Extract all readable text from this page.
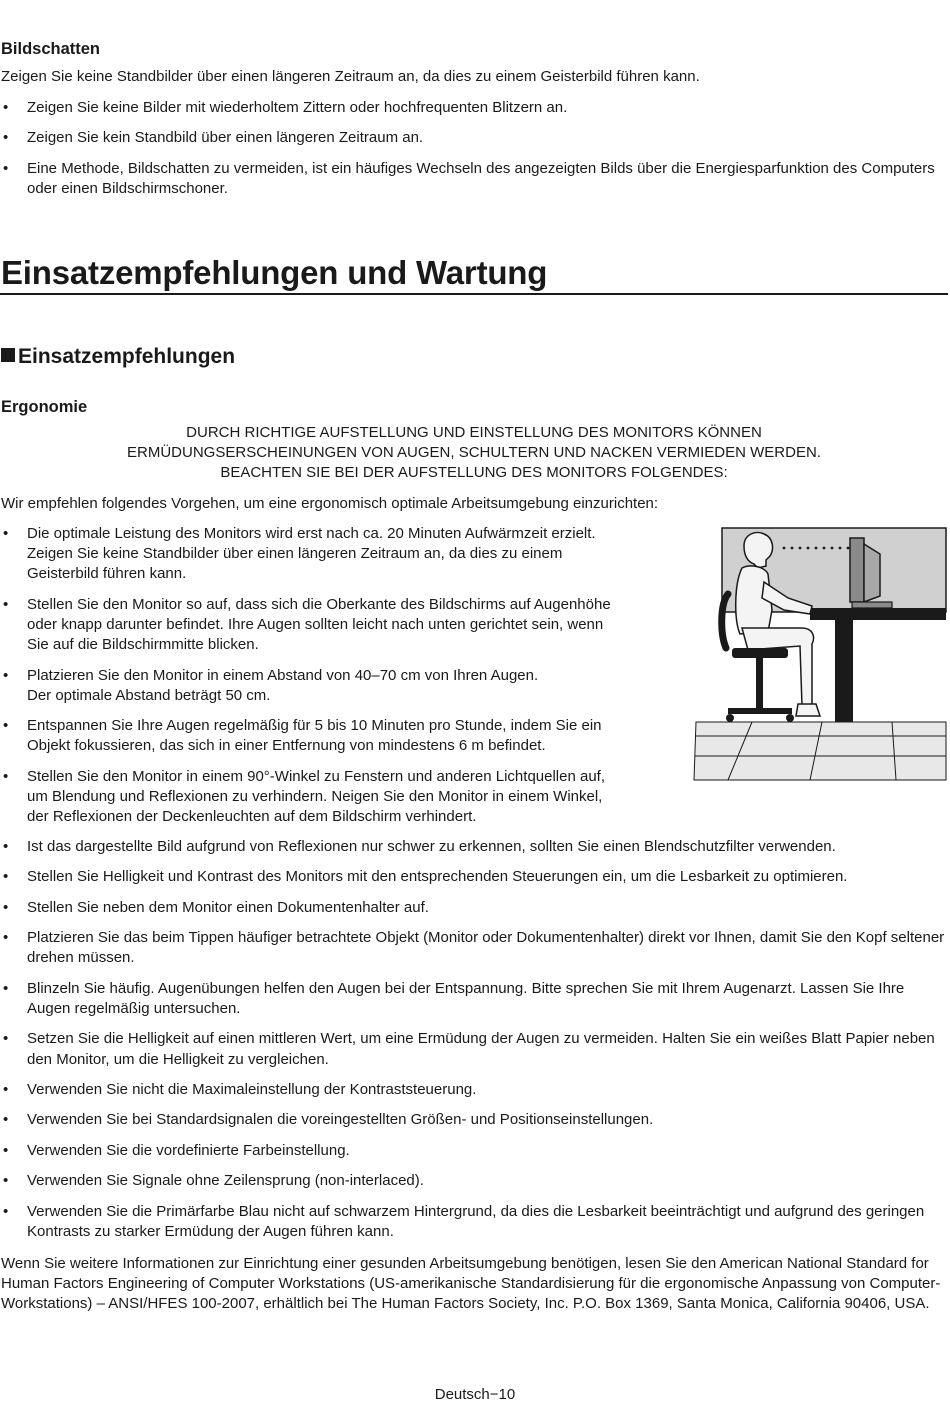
Bildschatten

Zeigen Sie keine Standbilder über einen längeren Zeitraum an, da dies zu einem Geisterbild führen kann.

• Zeigen Sie keine Bilder mit wiederholtem Zittern oder hochfrequenten Blitzern an.
• Zeigen Sie kein Standbild über einen längeren Zeitraum an.
• Eine Methode, Bildschatten zu vermeiden, ist ein häufiges Wechseln des angezeigten Bilds über die Energiesparfunktion des Computers oder einen Bildschirmschoner.
Einsatzempfehlungen und Wartung
Einsatzempfehlungen
Ergonomie
DURCH RICHTIGE AUFSTELLUNG UND EINSTELLUNG DES MONITORS KÖNNEN
ERMÜDUNGSERSCHEINUNGEN VON AUGEN, SCHULTERN UND NACKEN VERMIEDEN WERDEN.
BEACHTEN SIE BEI DER AUFSTELLUNG DES MONITORS FOLGENDES:

Wir empfehlen folgendes Vorgehen, um eine ergonomisch optimale Arbeitsumgebung einzurichten:

• Die optimale Leistung des Monitors wird erst nach ca. 20 Minuten Aufwärmzeit erzielt.
Zeigen Sie keine Standbilder über einen längeren Zeitraum an, da dies zu einem
Geisterbild führen kann.
• Stellen Sie den Monitor so auf, dass sich die Oberkante des Bildschirms auf Augenhöhe
oder knapp darunter befindet. Ihre Augen sollten leicht nach unten gerichtet sein, wenn
Sie auf die Bildschirmmitte blicken.
• Platzieren Sie den Monitor in einem Abstand von 40–70 cm von Ihren Augen.
Der optimale Abstand beträgt 50 cm.
• Entspannen Sie Ihre Augen regelmäßig für 5 bis 10 Minuten pro Stunde, indem Sie ein
Objekt fokussieren, das sich in einer Entfernung von mindestens 6 m befindet.
• Stellen Sie den Monitor in einem 90°-Winkel zu Fenstern und anderen Lichtquellen auf,
um Blendung und Reflexionen zu verhindern. Neigen Sie den Monitor in einem Winkel,
der Reflexionen der Deckenleuchten auf dem Bildschirm verhindert.
• Ist das dargestellte Bild aufgrund von Reflexionen nur schwer zu erkennen, sollten Sie einen Blendschutzfilter verwenden.
• Stellen Sie Helligkeit und Kontrast des Monitors mit den entsprechenden Steuerungen ein, um die Lesbarkeit zu optimieren.
• Stellen Sie neben dem Monitor einen Dokumentenhalter auf.
• Platzieren Sie das beim Tippen häufiger betrachtete Objekt (Monitor oder Dokumentenhalter) direkt vor Ihnen, damit Sie den Kopf seltener drehen müssen.
• Blinzeln Sie häufig. Augenübungen helfen den Augen bei der Entspannung. Bitte sprechen Sie mit Ihrem Augenarzt. Lassen Sie Ihre Augen regelmäßig untersuchen.
• Setzen Sie die Helligkeit auf einen mittleren Wert, um eine Ermüdung der Augen zu vermeiden. Halten Sie ein weißes Blatt Papier neben den Monitor, um die Helligkeit zu vergleichen.
• Verwenden Sie nicht die Maximaleinstellung der Kontraststeuerung.
• Verwenden Sie bei Standardsignalen die voreingestellten Größen- und Positionseinstellungen.
• Verwenden Sie die vordefinierte Farbeinstellung.
• Verwenden Sie Signale ohne Zeilensprung (non-interlaced).
• Verwenden Sie die Primärfarbe Blau nicht auf schwarzem Hintergrund, da dies die Lesbarkeit beeinträchtigt und aufgrund des geringen Kontrasts zu starker Ermüdung der Augen führen kann.

Wenn Sie weitere Informationen zur Einrichtung einer gesunden Arbeitsumgebung benötigen, lesen Sie den American National Standard for Human Factors Engineering of Computer Workstations (US-amerikanische Standardisierung für die ergonomische Anpassung von Computer-Workstations) – ANSI/HFES 100-2007, erhältlich bei The Human Factors Society, Inc. P.O. Box 1369, Santa Monica, California 90406, USA.

Deutsch−10
